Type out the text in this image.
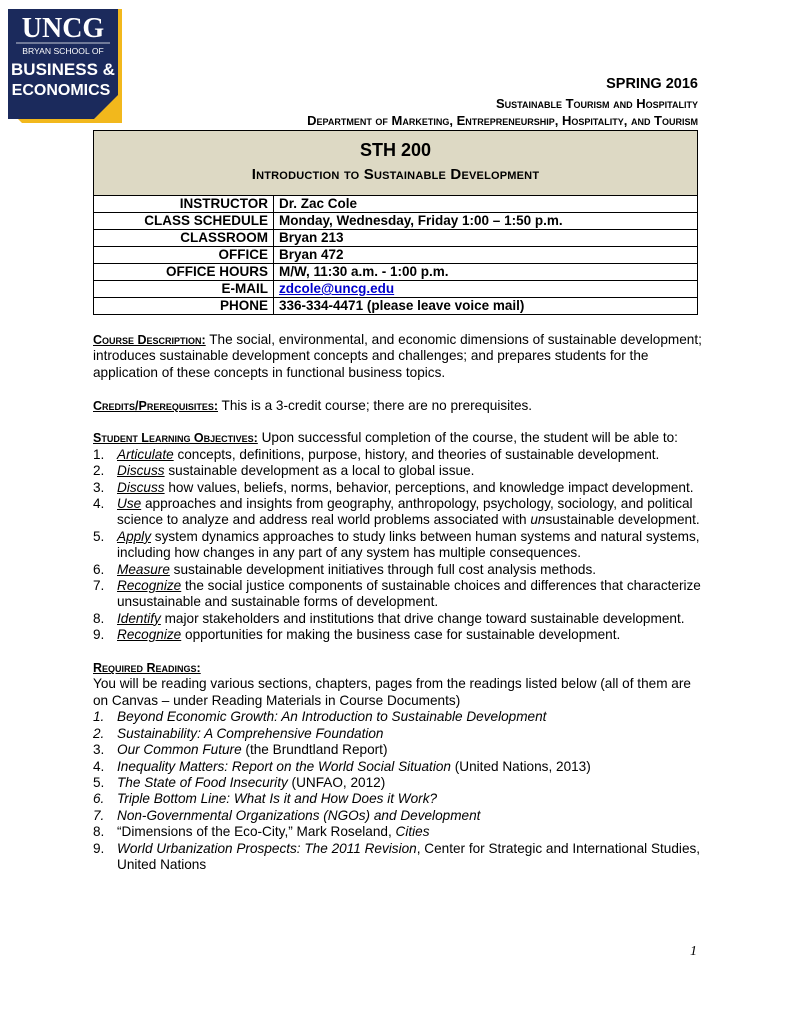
UNCG
BRYAN SCHOOL OF
BUSINESS &
ECONOMICS	SPRING 2016
Sustainable Tourism and Hospitality
Department of Marketing, Entrepreneurship, Hospitality, and Tourism
STH 200
Introduction to Sustainable Development
INSTRUCTOR	Dr. Zac Cole
CLASS SCHEDULE	Monday, Wednesday, Friday 1:00 – 1:50 p.m.
CLASSROOM	Bryan 213
OFFICE	Bryan 472
OFFICE HOURS	M/W, 11:30 a.m. - 1:00 p.m.
E-MAIL	zdcole@uncg.edu
PHONE	336-334-4471 (please leave voice mail)

Course Description: The social, environmental, and economic dimensions of sustainable development; introduces sustainable development concepts and challenges; and prepares students for the application of these concepts in functional business topics.

Credits/Prerequisites: This is a 3-credit course; there are no prerequisites.

Student Learning Objectives: Upon successful completion of the course, the student will be able to:

1. Articulate concepts, definitions, purpose, history, and theories of sustainable development.
2. Discuss sustainable development as a local to global issue.
3. Discuss how values, beliefs, norms, behavior, perceptions, and knowledge impact development.
4. Use approaches and insights from geography, anthropology, psychology, sociology, and political science to analyze and address real world problems associated with unsustainable development.
5. Apply system dynamics approaches to study links between human systems and natural systems, including how changes in any part of any system has multiple consequences.
6. Measure sustainable development initiatives through full cost analysis methods.
7. Recognize the social justice components of sustainable choices and differences that characterize unsustainable and sustainable forms of development.
8. Identify major stakeholders and institutions that drive change toward sustainable development.
9. Recognize opportunities for making the business case for sustainable development.

Required Readings:

You will be reading various sections, chapters, pages from the readings listed below (all of them are on Canvas – under Reading Materials in Course Documents)

1. Beyond Economic Growth: An Introduction to Sustainable Development
2. Sustainability: A Comprehensive Foundation
3. Our Common Future (the Brundtland Report)
4. Inequality Matters: Report on the World Social Situation (United Nations, 2013)
5. The State of Food Insecurity (UNFAO, 2012)
6. Triple Bottom Line: What Is it and How Does it Work?
7. Non-Governmental Organizations (NGOs) and Development
8. “Dimensions of the Eco-City,” Mark Roseland, Cities
9. World Urbanization Prospects: The 2011 Revision, Center for Strategic and International Studies, United Nations
1
